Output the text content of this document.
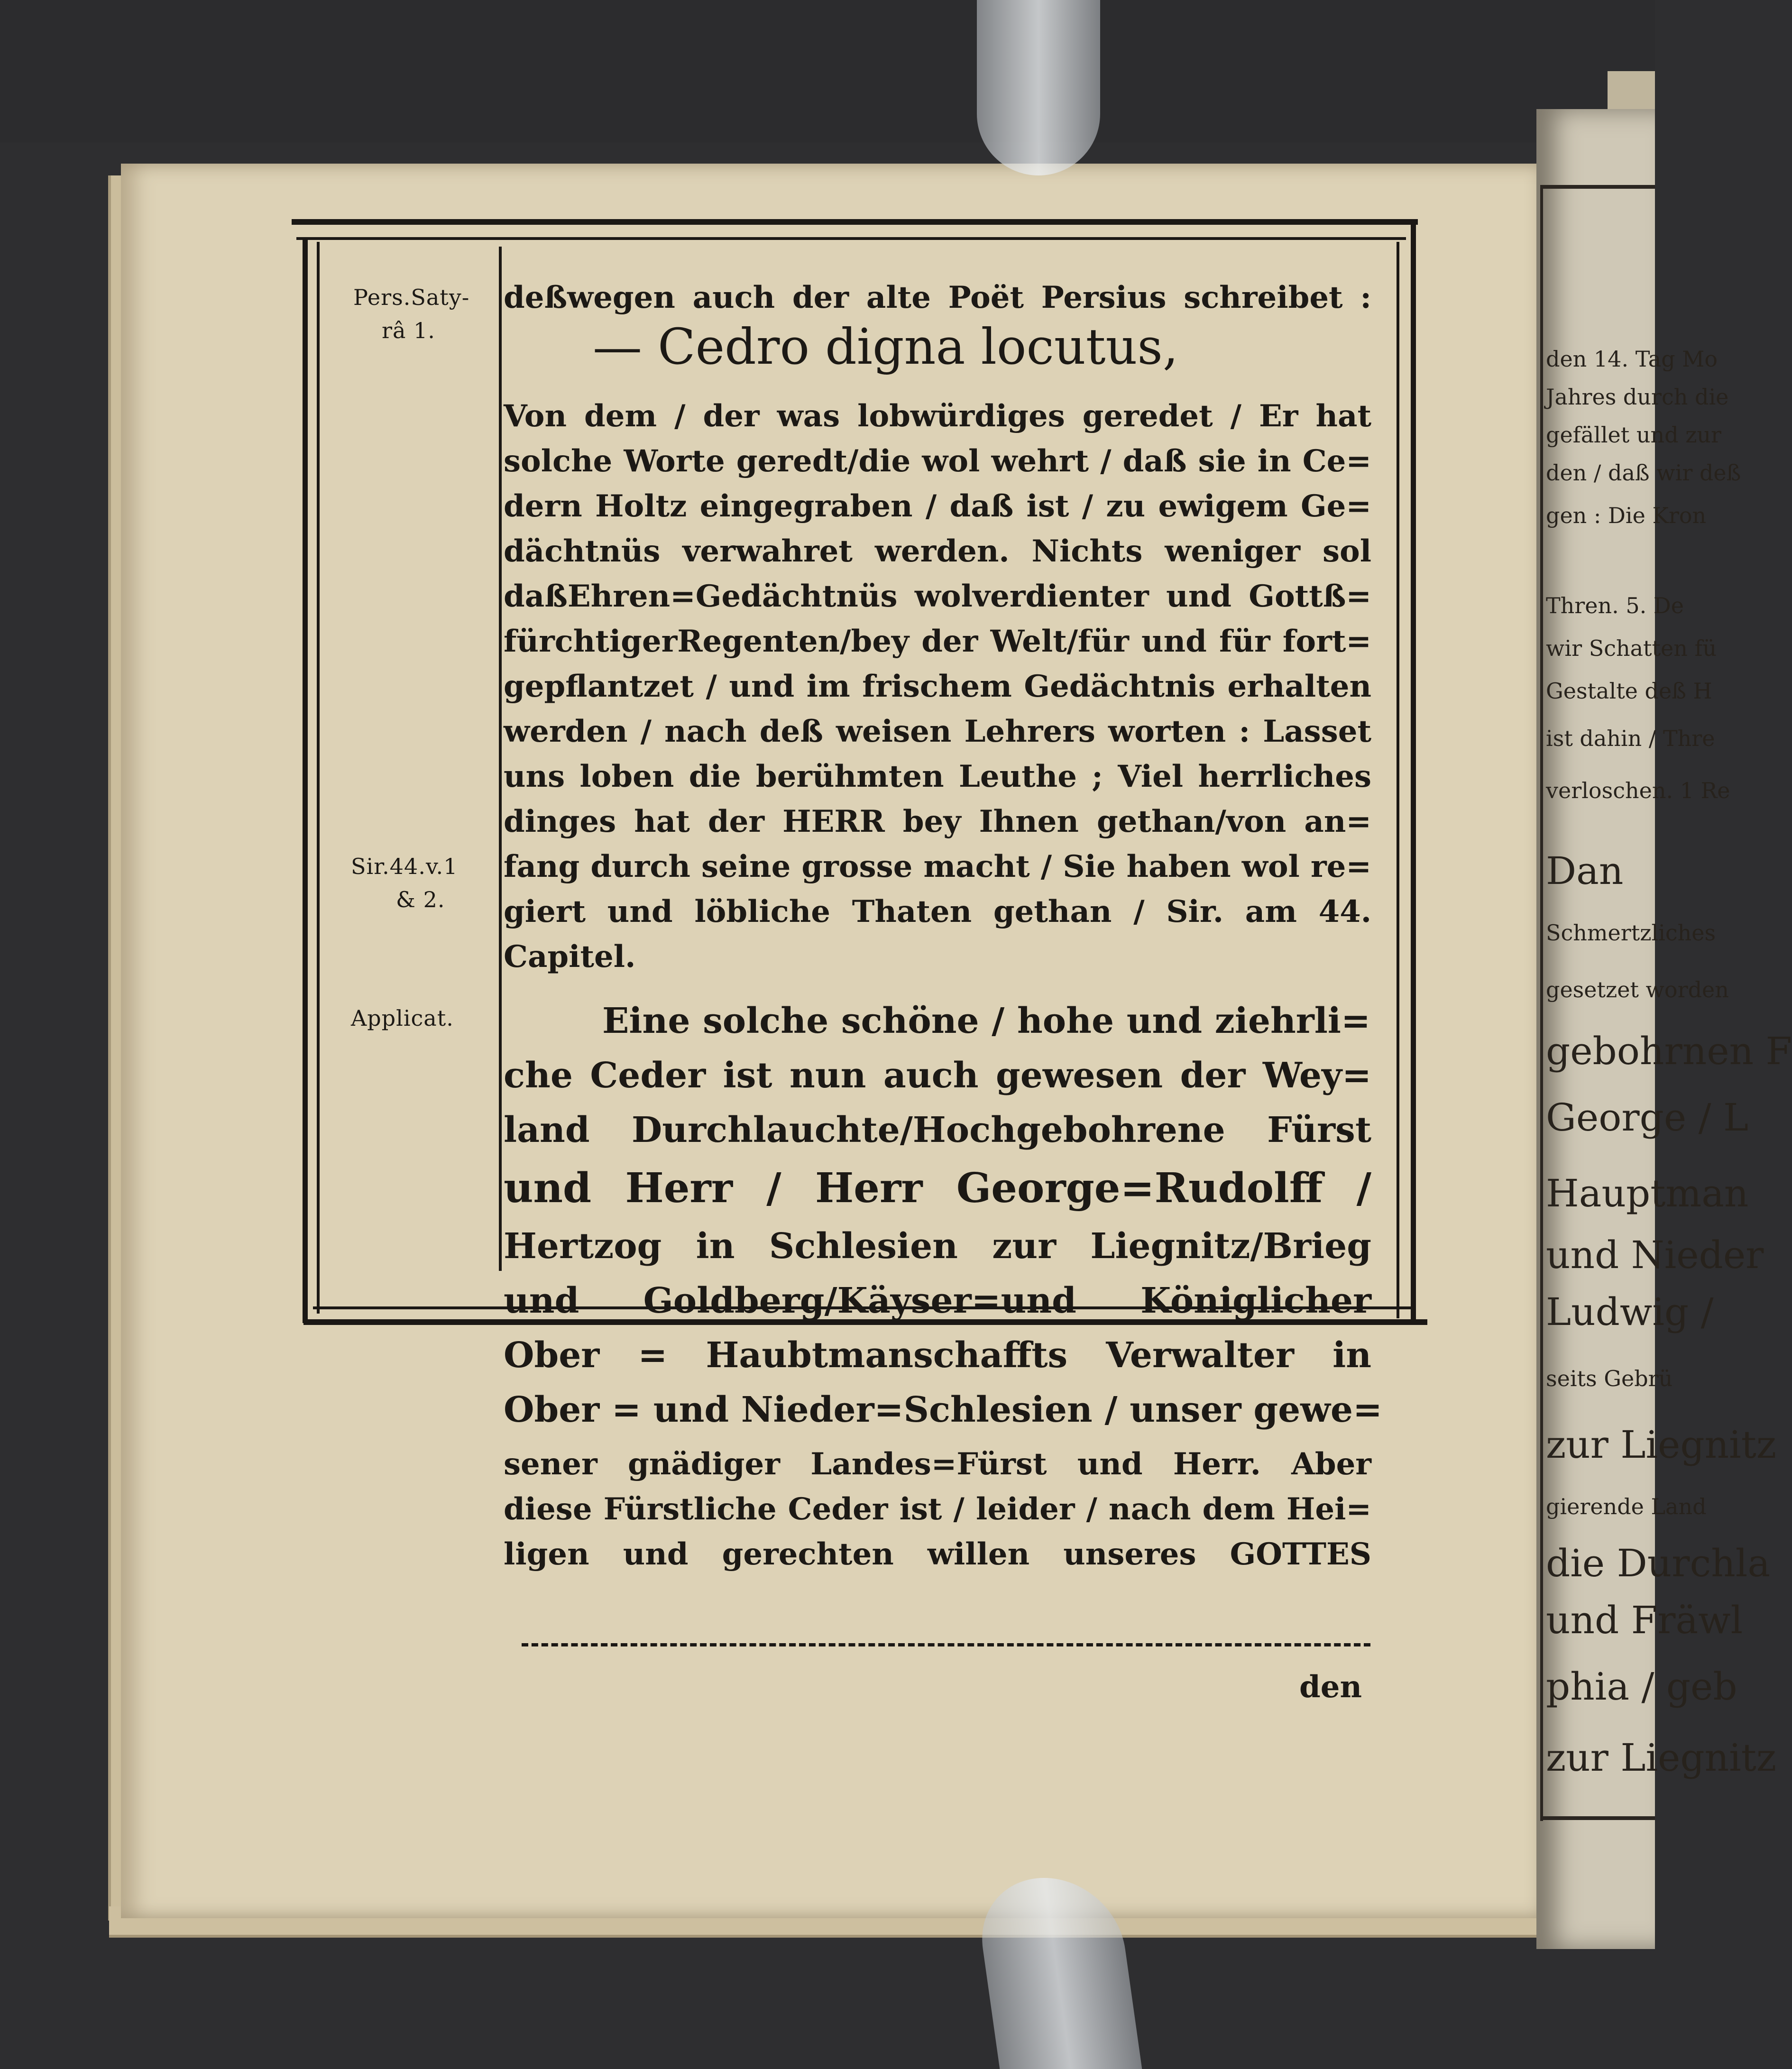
den 14. Tag Mo
Jahres durch die
gefället und zur
den / daß wir deß
gen : Die Kron
Thren. 5. De
wir Schatten fü
Gestalte deß H
ist dahin / Thre
verloschen. 1 Re
Dan
Schmertzliches
gesetzet worden
gebohrnen F
George / L
Hauptman
und Nieder
Ludwig /
seits Gebrü
zur Liegnitz
gierende Land
die Durchla
und Fräwl
phia / geb
zur Liegnitz
Pers.Saty-
râ 1.
Sir.44.v.1
& 2.
Applicat.
deßwegen auch der alte Poët Persius schreibet :
— Cedro digna locutus,
Von dem / der was lobwürdiges geredet / Er hat
solche Worte geredt/die wol wehrt / daß sie in Ce=
dern Holtz eingegraben / daß ist / zu ewigem Ge=
dächtnüs verwahret werden. Nichts weniger sol
daßEhren=Gedächtnüs wolverdienter und Gottß=
fürchtigerRegenten/bey der Welt/für und für fort=
gepflantzet / und im frischem Gedächtnis erhalten
werden / nach deß weisen Lehrers worten : Lasset
uns loben die berühmten Leuthe ; Viel herrliches
dinges hat der HERR bey Ihnen gethan/von an=
fang durch seine grosse macht / Sie haben wol re=
giert und löbliche Thaten gethan / Sir. am 44.
Capitel.
Eine solche schöne / hohe und ziehrli=
che Ceder ist nun auch gewesen der Wey=
land Durchlauchte/Hochgebohrene Fürst
und Herr / Herr George=Rudolff /
Hertzog in Schlesien zur Liegnitz/Brieg
und Goldberg/Käyser=und Königlicher
Ober = Haubtmanschaffts Verwalter in
Ober = und Nieder=Schlesien / unser gewe=
sener gnädiger Landes=Fürst und Herr. Aber
diese Fürstliche Ceder ist / leider / nach dem Hei=
ligen und gerechten willen unseres GOTTES
den
